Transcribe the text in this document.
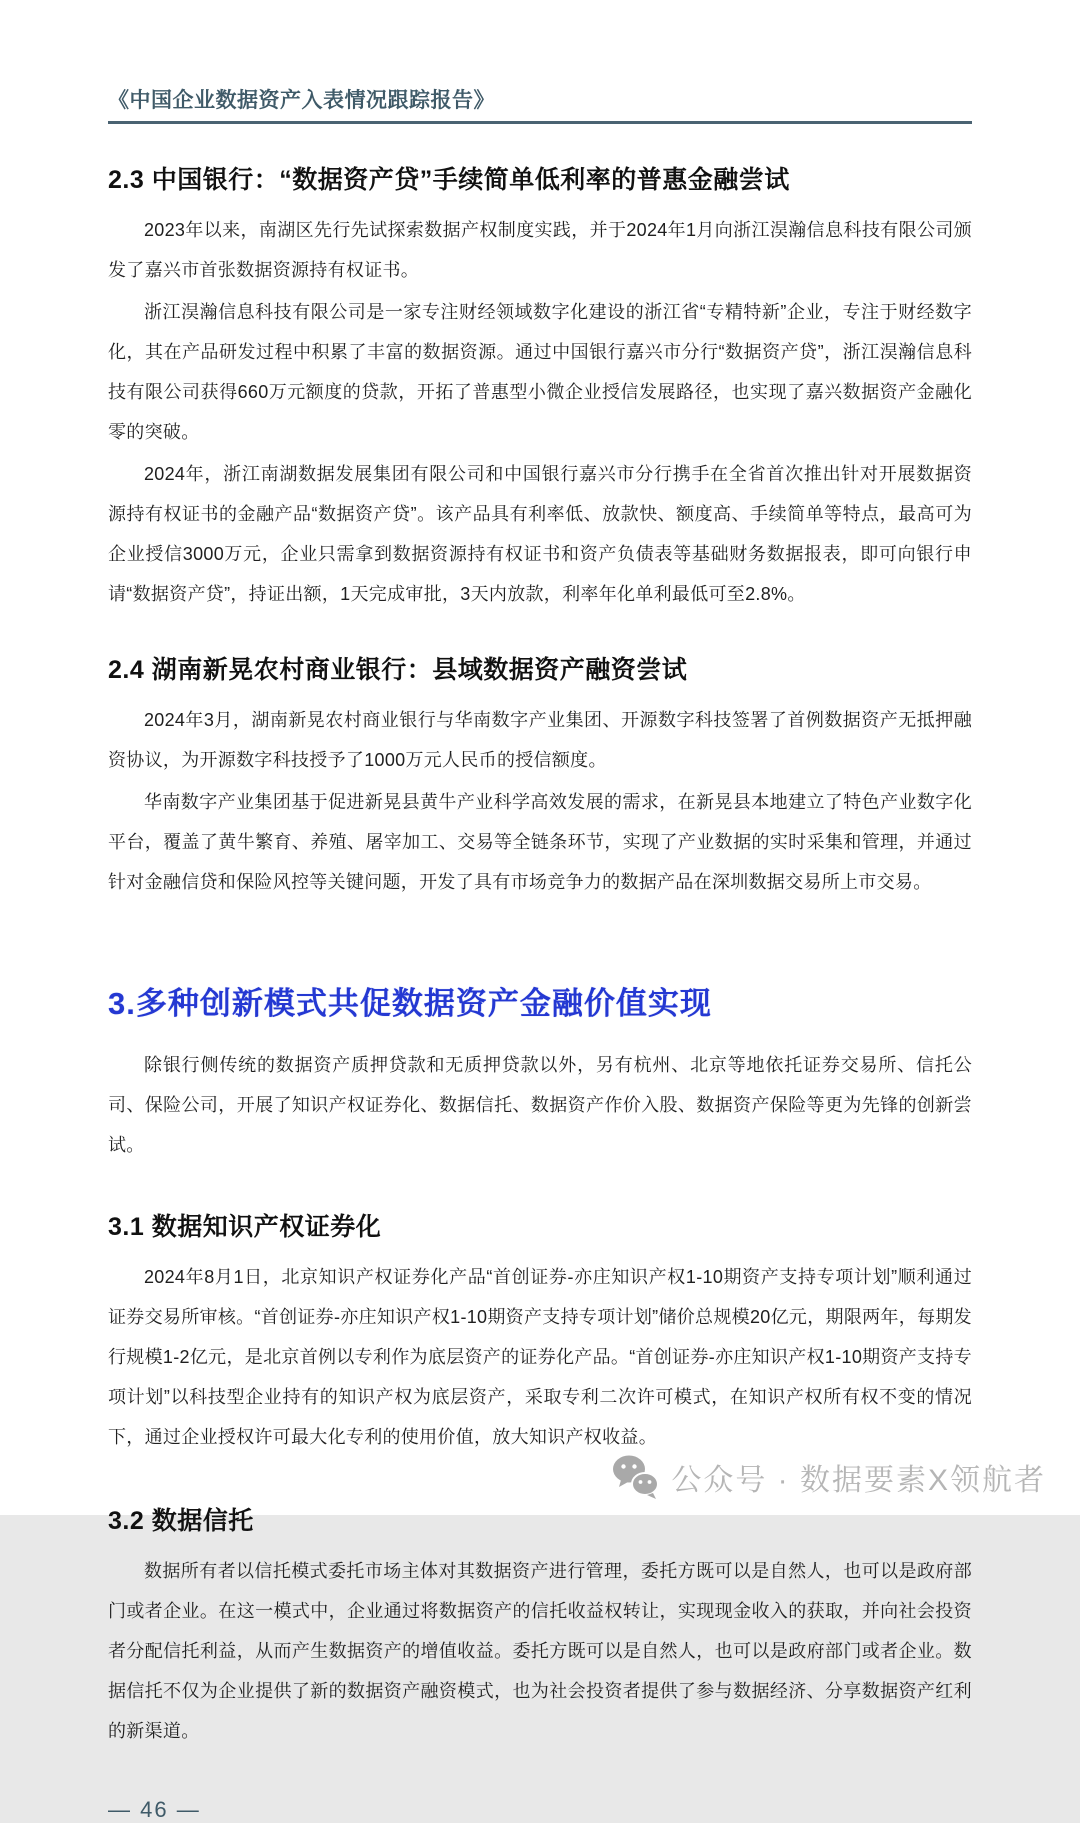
《中国企业数据资产入表情况跟踪报告》
2.3 中国银行：“数据资产贷”手续简单低利率的普惠金融尝试

2023年以来，南湖区先行先试探索数据产权制度实践，并于2024年1月向浙江淏瀚信息科技有限公司颁发了嘉兴市首张数据资源持有权证书。

浙江淏瀚信息科技有限公司是一家专注财经领域数字化建设的浙江省“专精特新”企业，专注于财经数字化，其在产品研发过程中积累了丰富的数据资源。通过中国银行嘉兴市分行“数据资产贷”，浙江淏瀚信息科技有限公司获得660万元额度的贷款，开拓了普惠型小微企业授信发展路径，也实现了嘉兴数据资产金融化零的突破。

2024年，浙江南湖数据发展集团有限公司和中国银行嘉兴市分行携手在全省首次推出针对开展数据资源持有权证书的金融产品“数据资产贷”。该产品具有利率低、放款快、额度高、手续简单等特点，最高可为企业授信3000万元，企业只需拿到数据资源持有权证书和资产负债表等基础财务数据报表，即可向银行申请“数据资产贷”，持证出额，1天完成审批，3天内放款，利率年化单利最低可至2.8%。

2.4 湖南新晃农村商业银行：县域数据资产融资尝试

2024年3月，湖南新晃农村商业银行与华南数字产业集团、开源数字科技签署了首例数据资产无抵押融资协议，为开源数字科技授予了1000万元人民币的授信额度。

华南数字产业集团基于促进新晃县黄牛产业科学高效发展的需求，在新晃县本地建立了特色产业数字化平台，覆盖了黄牛繁育、养殖、屠宰加工、交易等全链条环节，实现了产业数据的实时采集和管理，并通过针对金融信贷和保险风控等关键问题，开发了具有市场竞争力的数据产品在深圳数据交易所上市交易。

3.多种创新模式共促数据资产金融价值实现

除银行侧传统的数据资产质押贷款和无质押贷款以外，另有杭州、北京等地依托证券交易所、信托公司、保险公司，开展了知识产权证券化、数据信托、数据资产作价入股、数据资产保险等更为先锋的创新尝试。

3.1 数据知识产权证券化

2024年8月1日，北京知识产权证券化产品“首创证券-亦庄知识产权1-10期资产支持专项计划”顺利通过证券交易所审核。“首创证券-亦庄知识产权1-10期资产支持专项计划”储价总规模20亿元，期限两年，每期发行规模1-2亿元，是北京首例以专利作为底层资产的证券化产品。“首创证券-亦庄知识产权1-10期资产支持专项计划”以科技型企业持有的知识产权为底层资产，采取专利二次许可模式，在知识产权所有权不变的情况下，通过企业授权许可最大化专利的使用价值，放大知识产权收益。

3.2 数据信托

数据所有者以信托模式委托市场主体对其数据资产进行管理，委托方既可以是自然人，也可以是政府部门或者企业。在这一模式中，企业通过将数据资产的信托收益权转让，实现现金收入的获取，并向社会投资者分配信托利益，从而产生数据资产的增值收益。委托方既可以是自然人，也可以是政府部门或者企业。数据信托不仅为企业提供了新的数据资产融资模式，也为社会投资者提供了参与数据经济、分享数据资产红利的新渠道。

— 46 —
公众号 · 数据要素X领航者
